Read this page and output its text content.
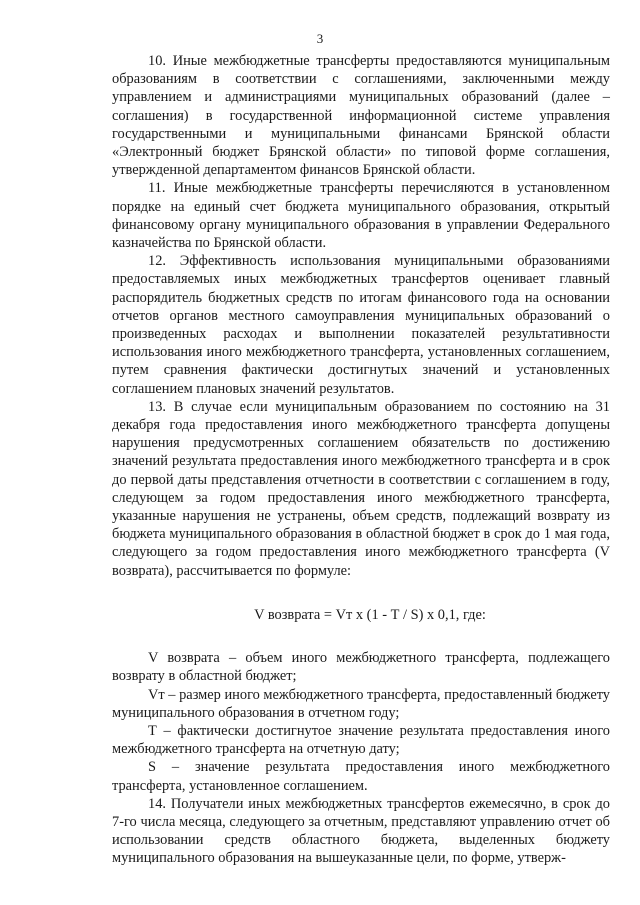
3

10. Иные межбюджетные трансферты предоставляются муниципальным образованиям в соответствии с соглашениями, заключенными между управлением и администрациями муниципальных образований (далее – соглашения) в государственной информационной системе управления государственными и муниципальными финансами Брянской области «Электронный бюджет Брянской области» по типовой форме соглашения, утвержденной департаментом финансов Брянской области.

11. Иные межбюджетные трансферты перечисляются в установленном порядке на единый счет бюджета муниципального образования, открытый финансовому органу муниципального образования в управлении Федерального казначейства по Брянской области.

12. Эффективность использования муниципальными образованиями предоставляемых иных межбюджетных трансфертов оценивает главный распорядитель бюджетных средств по итогам финансового года на основании отчетов органов местного самоуправления муниципальных образований о произведенных расходах и выполнении показателей результативности использования иного межбюджетного трансферта, установленных соглашением, путем сравнения фактически достигнутых значений и установленных соглашением плановых значений результатов.

13. В случае если муниципальным образованием по состоянию на 31 декабря года предоставления иного межбюджетного трансферта допущены нарушения предусмотренных соглашением обязательств по достижению значений результата предоставления иного межбюджетного трансферта и в срок до первой даты представления отчетности в соответствии с соглашением в году, следующем за годом предоставления иного межбюджетного трансферта, указанные нарушения не устранены, объем средств, подлежащий возврату из бюджета муниципального образования в областной бюджет в срок до 1 мая года, следующего за годом предоставления иного межбюджетного трансферта (V возврата), рассчитывается по формуле:

V возврата = Vт х (1 - Т / S) х 0,1, где:

V возврата – объем иного межбюджетного трансферта, подлежащего возврату в областной бюджет;

Vт – размер иного межбюджетного трансферта, предоставленный бюджету муниципального образования в отчетном году;

Т – фактически достигнутое значение результата предоставления иного межбюджетного трансферта на отчетную дату;

S – значение результата предоставления иного межбюджетного трансферта, установленное соглашением.

14. Получатели иных межбюджетных трансфертов ежемесячно, в срок до 7-го числа месяца, следующего за отчетным, представляют управлению отчет об использовании средств областного бюджета, выделенных бюджету муниципального образования на вышеуказанные цели, по форме, утверж-
